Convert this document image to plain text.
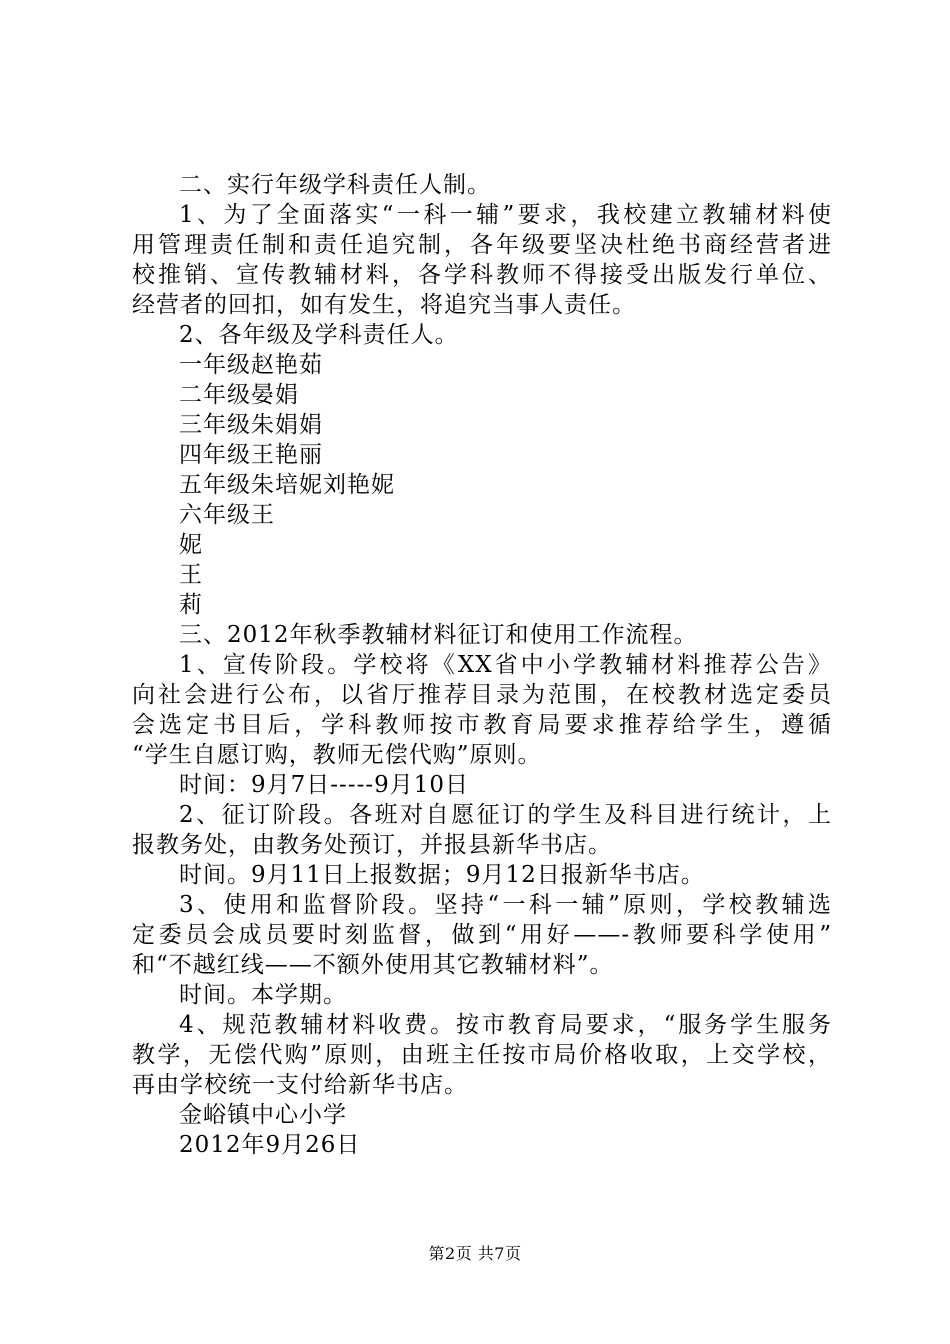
二、实行年级学科责任人制。
1、为了全面落实“一科一辅”要求，我校建立教辅材料使
用管理责任制和责任追究制，各年级要坚决杜绝书商经营者进
校推销、宣传教辅材料，各学科教师不得接受出版发行单位、
经营者的回扣，如有发生，将追究当事人责任。
2、各年级及学科责任人。
一年级赵艳茹
二年级晏娟
三年级朱娟娟
四年级王艳丽
五年级朱培妮刘艳妮
六年级王
妮
王
莉
三、2012年秋季教辅材料征订和使用工作流程。
1、宣传阶段。学校将《XX省中小学教辅材料推荐公告》
向社会进行公布，以省厅推荐目录为范围，在校教材选定委员
会选定书目后，学科教师按市教育局要求推荐给学生，遵循
“学生自愿订购，教师无偿代购”原则。
时间：9月7日-----9月10日
2、征订阶段。各班对自愿征订的学生及科目进行统计，上
报教务处，由教务处预订，并报县新华书店。
时间。9月11日上报数据；9月12日报新华书店。
3、使用和监督阶段。坚持“一科一辅”原则，学校教辅选
定委员会成员要时刻监督，做到“用好——-教师要科学使用”
和“不越红线——不额外使用其它教辅材料”。
时间。本学期。
4、规范教辅材料收费。按市教育局要求，“服务学生服务
教学，无偿代购”原则，由班主任按市局价格收取，上交学校，
再由学校统一支付给新华书店。
金峪镇中心小学
2012年9月26日
第2页 共7页
